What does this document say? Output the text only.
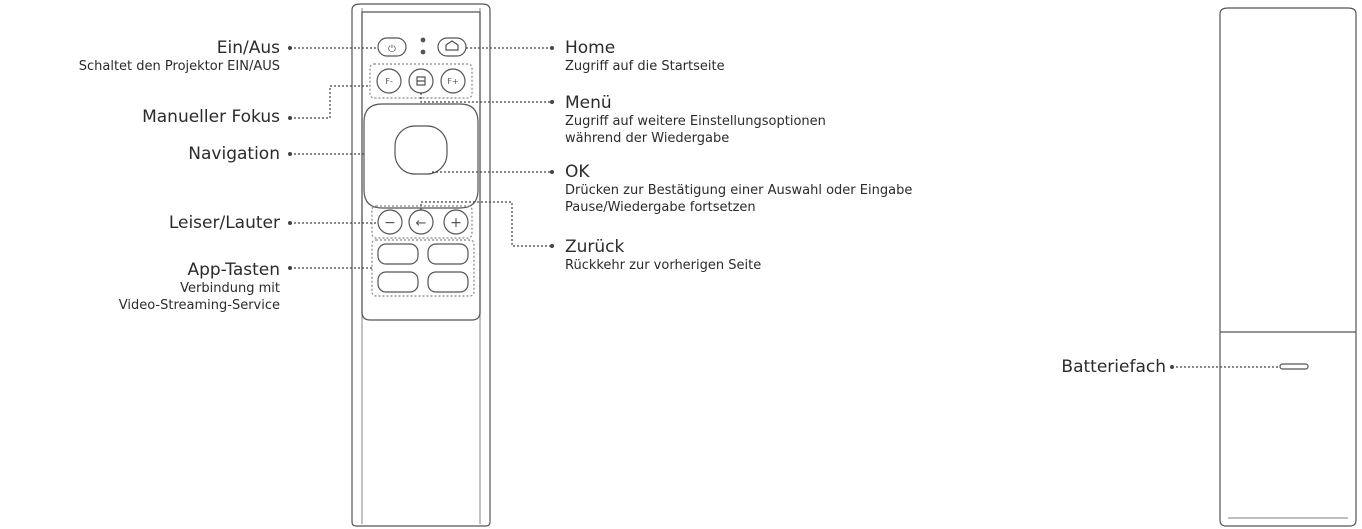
⏻
F-	F+
− ← +
Ein/Aus
Schaltet den Projektor EIN/AUS
Manueller Fokus
Navigation
Leiser/Lauter
App-Tasten
Verbindung mit
Video-Streaming-Service
Home
Zugriff auf die Startseite
Menü
Zugriff auf weitere Einstellungsoptionen
während der Wiedergabe
OK
Drücken zur Bestätigung einer Auswahl oder Eingabe
Pause/Wiedergabe fortsetzen
Zurück
Rückkehr zur vorherigen Seite
Batteriefach
